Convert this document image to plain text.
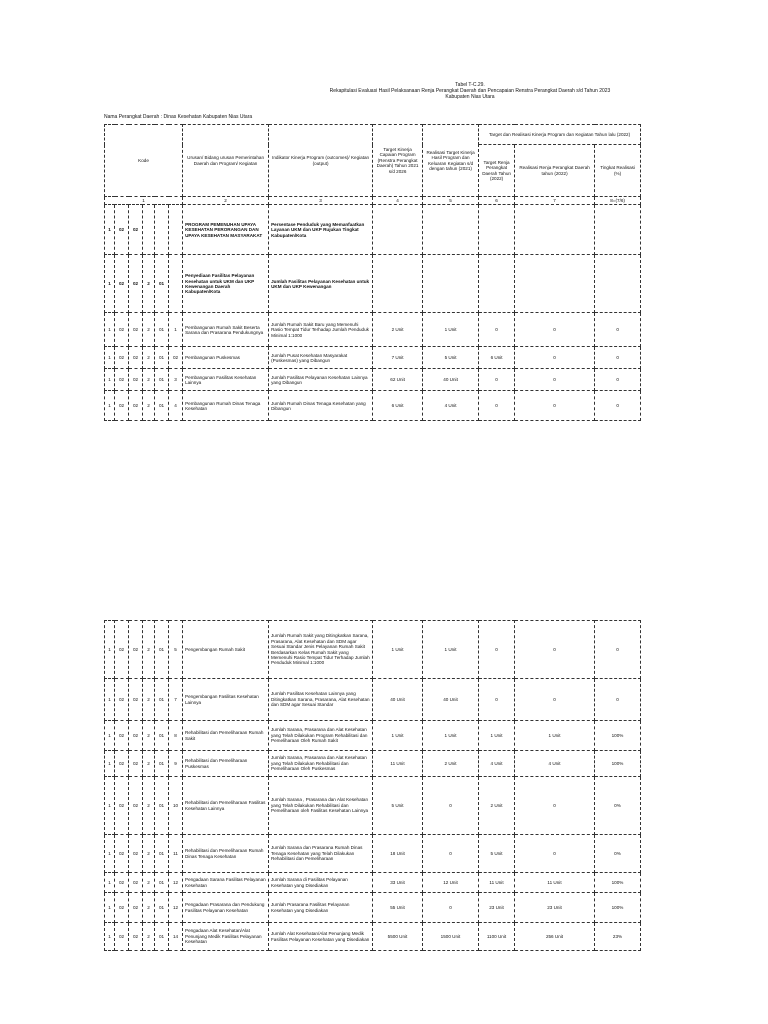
Tabel T-C.29.
Rekapitulasi Evaluasi Hasil Pelaksanaan Renja Perangkat Daerah dan Pencapaian Renstra Perangkat Daerah s/d Tahun 2023
Kabupaten Nias Utara
Nama Perangkat Daerah : Dinas Kesehatan Kabupaten Nias Utara
Kode						Urusan/ Bidang urusan Pemerintahan Daerah dan Program/ Kegiatan	Indikator Kinerja Program (outcomes)/ Kegiatan (output)	Target Kinerja Capaian Program (Renstra Perangkat Daerah) Tahun 2021 s/d 2026	Realisasi Target Kinerja Hasil Program dan Keluaran Kegiatan s/d dengan tahun (2021)	Target dan Realisasi Kinerja Program dan Kegiatan Tahun lalu (2022)		
										Target Renja Perangkat Daerah Tahun (2022)	Realisasi Renja Perangkat Daerah tahun (2022)	Tingkat Realisasi (%)
1						2	3	4	5	6	7	8=(7/6)
1	02	02				PROGRAM PEMENUHAN UPAYA KESEHATAN PERORANGAN DAN UPAYA KESEHATAN MASYARAKAT	Persentase Penduduk yang Memanfaatkan Layanan UKM dan UKP Rujukan Tingkat Kabupaten/Kota					
1	02	02	2	01		Penyediaan Fasilitas Pelayanan Kesehatan untuk UKM dan UKP Kewenangan Daerah Kabupaten/Kota	Jumlah Fasilitas Pelayanan Kesehatan untuk UKM dan UKP Kewenangan					
1	02	02	2	01	1	Pembangunan Rumah Sakit Beserta Sarana dan Prasarana Pendukungnya	Jumlah Rumah Sakit Baru yang Memenuhi Rasio Tempat Tidur Terhadap Jumlah Penduduk Minimal 1:1000	2 Unit	1 Unit	0	0	0
1	02	02	2	01	02	Pembangunan Puskesmas	Jumlah Pusat Kesehatan Masyarakat (Puskesmas) yang Dibangun	7 Unit	5 Unit	6 Unit	0	0
1	02	02	2	01	3	Pembangunan Fasilitas Kesehatan Lainnya	Jumlah Fasilitas Pelayanan Kesehatan Lainnya yang Dibangun	62 Unit	40 Unit	0	0	0
1	02	02	2	01	4	Pembangunan Rumah Dinas Tenaga Kesehatan	Jumlah Rumah Dinas Tenaga Kesehatan yang Dibangun	6 Unit	4 Unit	0	0	0
1	02	02	2	01	5	Pengembangan Rumah Sakit	Jumlah Rumah Sakit yang Ditingkatkan Sarana, Prasarana, Alat Kesehatan dan SDM agar Sesuai Standar Jenis Pelayanan Rumah Sakit Berdasarkan Kelas Rumah Sakit yang Memenuhi Rasio Tempat Tidur Terhadap Jumlah Penduduk Minimal 1:1000	1 Unit	1 Unit	0	0	0
1	02	02	2	01	7	Pengembangan Fasilitas Kesehatan Lainnya	Jumlah Fasilitas Kesehatan Lainnya yang Ditingkatkan Sarana, Prasarana, Alat Kesehatan dan SDM agar Sesuai Standar	40 Unit	40 Unit	0	0	0
1	02	02	2	01	8	Rehabilitasi dan Pemeliharaan Rumah Sakit	Jumlah Sarana, Prasarana dan Alat Kesehatan yang Telah Dilakukan Program Rehabilitasi dan Pemeliharaan Oleh Rumah Sakit	1 Unit	1 Unit	1 Unit	1 Unit	100%
1	02	02	2	01	9	Rehabilitasi dan Pemeliharaan Puskesmas	Jumlah Sarana, Prasarana dan Alat Kesehatan yang Telah Dilakukan Rehabilitasi dan Pemeliharaan Oleh Puskesmas	11 Unit	2 Unit	4 Unit	4 Unit	100%
1	02	02	2	01	10	Rehabilitasi dan Pemeliharaan Fasilitas Kesehatan Lainnya	Jumlah Sarana , Prasarana dan Alat Kesehatan yang Telah Dilakukan Rehabilitasi dan Pemeliharaan oleh Fasilitas Kesehatan Lainnya	5 Unit	0	2 Unit	0	0%
1	02	02	2	01	11	Rehabilitasi dan Pemeliharaan Rumah Dinas Tenaga Kesehatan	Jumlah Sarana dan Prasarana Rumah Dinas Tenaga Kesehatan yang Telah Dilakukan Rehabilitasi dan Pemeliharaan	18 Unit	0	5 Unit	0	0%
1	02	02	2	01	12	Pengadaan Sarana Fasilitas Pelayanan Kesehatan	Jumlah Sarana di Fasilitas Pelayanan Kesehatan yang Disediakan	33 Unit	12 Unit	11 Unit	11 Unit	100%
1	02	02	2	01	12	Pengadaan Prasarana dan Pendukung Fasilitas Pelayanan Kesehatan	Jumlah Prasarana Fasilitas Pelayanan Kesehatan yang Disediakan	55 Unit	0	23 Unit	23 Unit	100%
1	02	02	2	01	14	Pengadaan Alat Kesehatan/Alat Penunjang Medik Fasilitas Pelayanan Kesehatan	Jumlah Alat Kesehatan/Alat Penunjang Medik Fasilitas Pelayanan Kesehatan yang Disediakan	5500 Unit	1500 Unit	1100 Unit	256 Unit	23%
